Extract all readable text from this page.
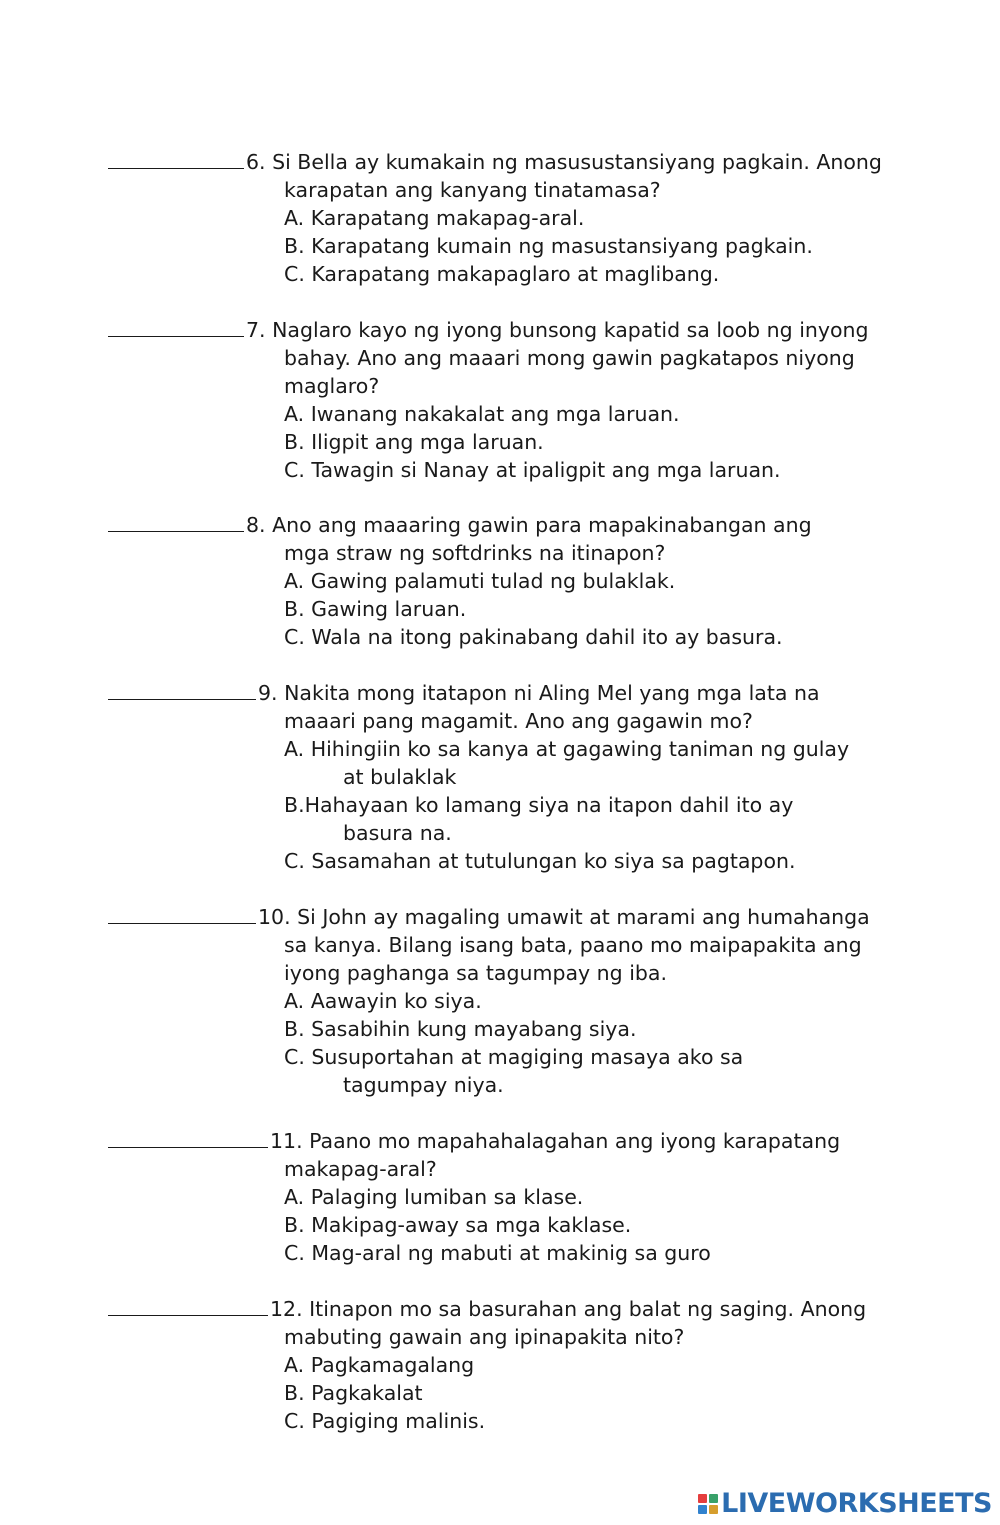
6. Si Bella ay kumakain ng masusustansiyang pagkain. Anong
karapatan ang kanyang tinatamasa?
A. Karapatang makapag-aral.
B. Karapatang kumain ng masustansiyang pagkain.
C. Karapatang makapaglaro at maglibang.
7. Naglaro kayo ng iyong bunsong kapatid sa loob ng inyong
bahay. Ano ang maaari mong gawin pagkatapos niyong
maglaro?
A. Iwanang nakakalat ang mga laruan.
B. Iligpit ang mga laruan.
C. Tawagin si Nanay at ipaligpit ang mga laruan.
8. Ano ang maaaring gawin para mapakinabangan ang
mga straw ng softdrinks na itinapon?
A. Gawing palamuti tulad ng bulaklak.
B. Gawing laruan.
C. Wala na itong pakinabang dahil ito ay basura.
9. Nakita mong itatapon ni Aling Mel yang mga lata na
maaari pang magamit. Ano ang gagawin mo?
A. Hihingiin ko sa kanya at gagawing taniman ng gulay
at bulaklak
B.Hahayaan ko lamang siya na itapon dahil ito ay
basura na.
C. Sasamahan at tutulungan ko siya sa pagtapon.
10. Si John ay magaling umawit at marami ang humahanga
sa kanya. Bilang isang bata, paano mo maipapakita ang
iyong paghanga sa tagumpay ng iba.
A. Aawayin ko siya.
B. Sasabihin kung mayabang siya.
C. Susuportahan at magiging masaya ako sa
tagumpay niya.
11. Paano mo mapahahalagahan ang iyong karapatang
makapag-aral?
A. Palaging lumiban sa klase.
B. Makipag-away sa mga kaklase.
C. Mag-aral ng mabuti at makinig sa guro
12. Itinapon mo sa basurahan ang balat ng saging. Anong
mabuting gawain ang ipinapakita nito?
A. Pagkamagalang
B. Pagkakalat
C. Pagiging malinis.
LIVEWORKSHEETS
